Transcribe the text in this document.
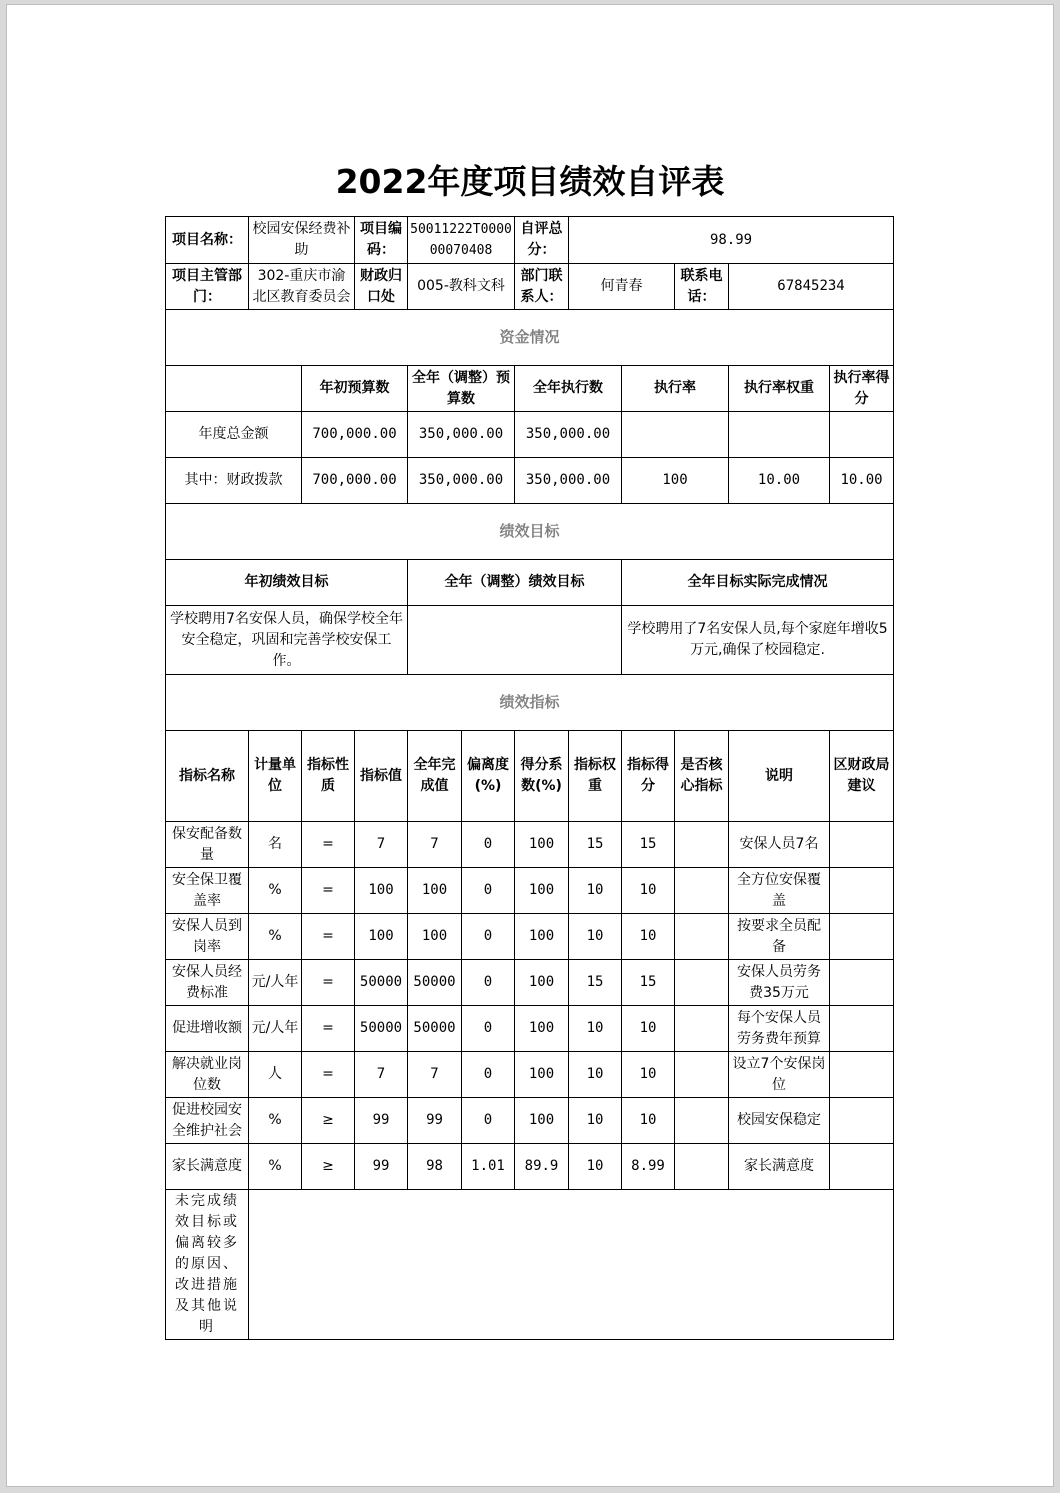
2022年度项目绩效自评表
项目名称：	校园安保经费补助		项目编码：	50011222T000000070408		自评总分：	98.99				
项目主管部门：	302-重庆市渝北区教育委员会		财政归口处	005-教科文科		部门联系人：	何青春		联系电话：	67845234	
资金情况											
		年初预算数		全年（调整）预算数		全年执行数		执行率		执行率权重	执行率得分
年度总金额		700,000.00		350,000.00		350,000.00					
其中：财政拨款		700,000.00		350,000.00		350,000.00		100		10.00	10.00
绩效目标											
年初绩效目标				全年（调整）绩效目标				全年目标实际完成情况			
学校聘用7名安保人员，确保学校全年安全稳定，巩固和完善学校安保工作。								学校聘用了7名安保人员,每个家庭年增收5万元,确保了校园稳定.			
绩效指标											
指标名称	计量单位	指标性质	指标值	全年完成值	偏离度(%)	得分系数(%)	指标权重	指标得分	是否核心指标	说明	区财政局建议
保安配备数量	名	=	7	7	0	100	15	15		安保人员7名	
安全保卫覆盖率	%	=	100	100	0	100	10	10		全方位安保覆盖	
安保人员到岗率	%	=	100	100	0	100	10	10		按要求全员配备	
安保人员经费标准	元/人年	=	50000	50000	0	100	15	15		安保人员劳务费35万元	
促进增收额	元/人年	=	50000	50000	0	100	10	10		每个安保人员劳务费年预算	
解决就业岗位数	人	=	7	7	0	100	10	10		设立7个安保岗位	
促进校园安全维护社会	%	≥	99	99	0	100	10	10		校园安保稳定	
家长满意度	%	≥	99	98	1.01	89.9	10	8.99		家长满意度	
未完成绩效目标或偏离较多的原因、改进措施及其他说明											
